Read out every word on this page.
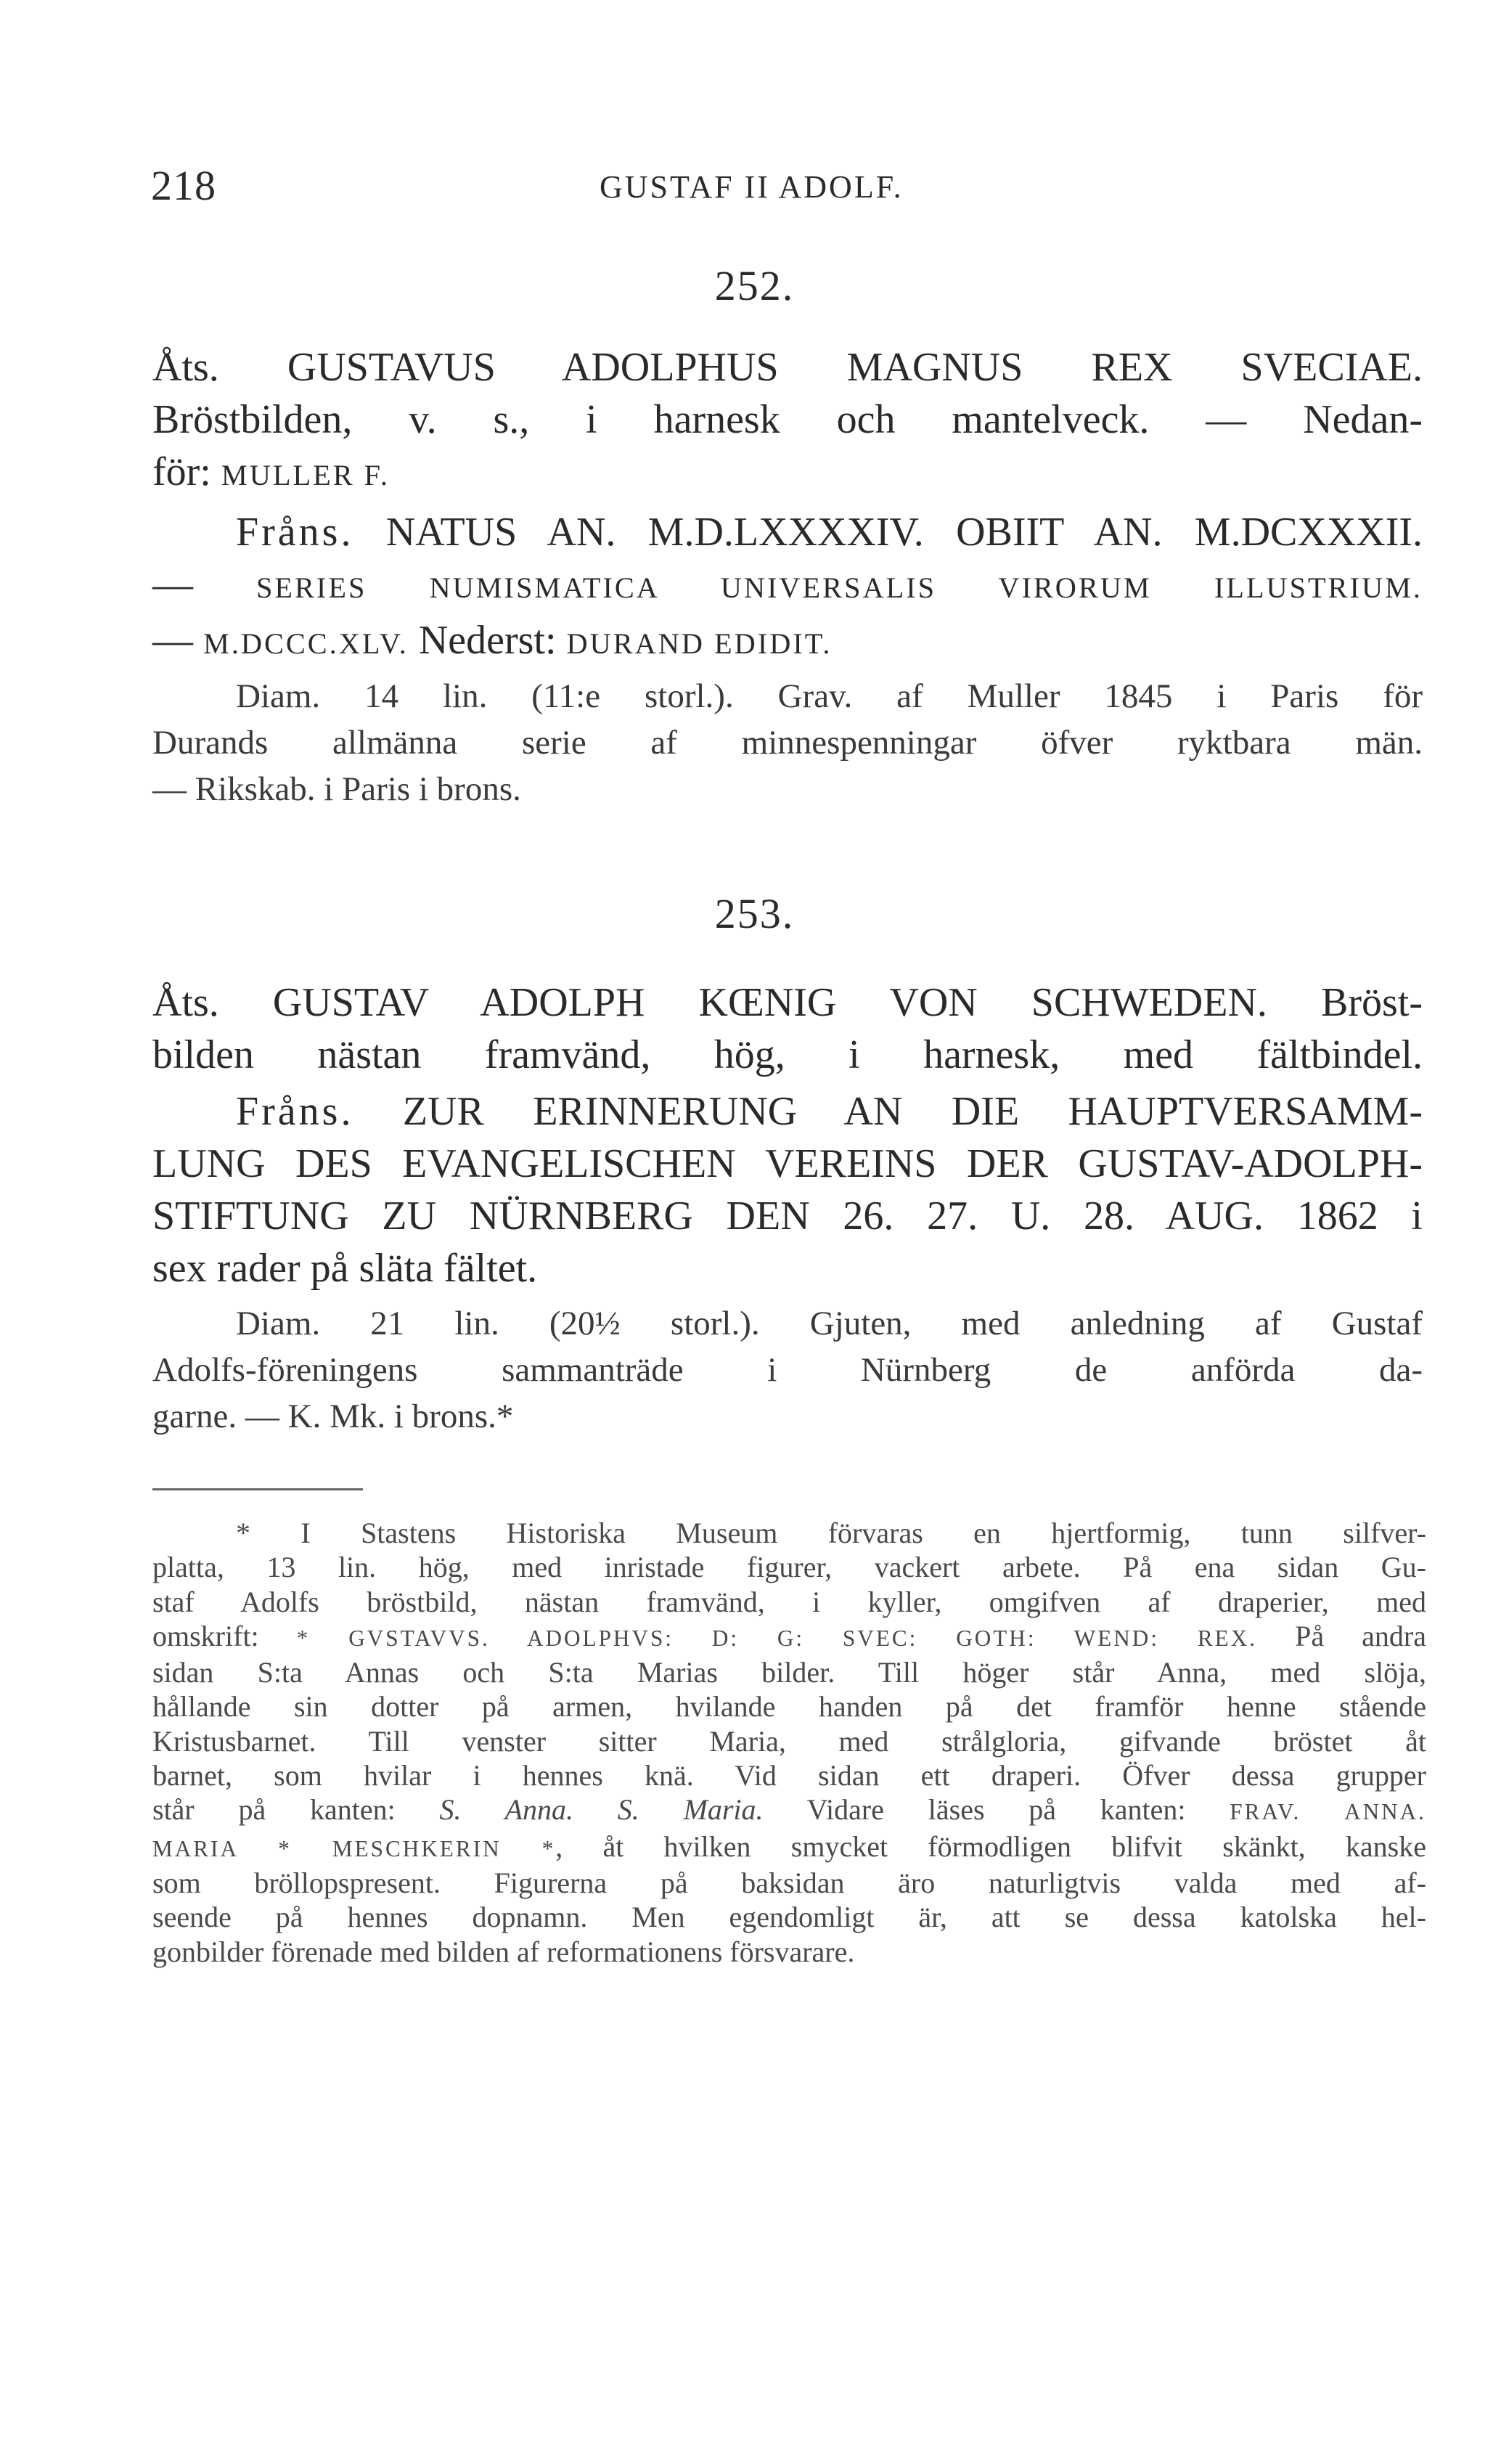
218	GUSTAF II ADOLF.
252.
Åts. GUSTAVUS ADOLPHUS MAGNUS REX SVECIAE.
Bröstbilden, v. s., i harnesk och mantelveck. — Nedan-
för: MULLER F.
Fråns. NATUS AN. M.D.LXXXXIV. OBIIT AN. M.DCXXXII.
— SERIES NUMISMATICA UNIVERSALIS VIRORUM ILLUSTRIUM.
— M.DCCC.XLV. Nederst: DURAND EDIDIT.
Diam. 14 lin. (11:e storl.). Grav. af Muller 1845 i Paris för
Durands allmänna serie af minnespenningar öfver ryktbara män.
— Rikskab. i Paris i brons.
253.
Åts. GUSTAV ADOLPH KŒNIG VON SCHWEDEN. Bröst-
bilden nästan framvänd, hög, i harnesk, med fältbindel.
Fråns. ZUR ERINNERUNG AN DIE HAUPTVERSAMM-
LUNG DES EVANGELISCHEN VEREINS DER GUSTAV-ADOLPH-
STIFTUNG ZU NÜRNBERG DEN 26. 27. U. 28. AUG. 1862 i
sex rader på släta fältet.
Diam. 21 lin. (20½ storl.). Gjuten, med anledning af Gustaf
Adolfs-föreningens sammanträde i Nürnberg de anförda da-
garne. — K. Mk. i brons.*
* I Stastens Historiska Museum förvaras en hjertformig, tunn silfver-
platta, 13 lin. hög, med inristade figurer, vackert arbete. På ena sidan Gu-
staf Adolfs bröstbild, nästan framvänd, i kyller, omgifven af draperier, med
omskrift: * GVSTAVVS. ADOLPHVS: D: G: SVEC: GOTH: WEND: REX. På andra
sidan S:ta Annas och S:ta Marias bilder. Till höger står Anna, med slöja,
hållande sin dotter på armen, hvilande handen på det framför henne stående
Kristusbarnet. Till venster sitter Maria, med strålgloria, gifvande bröstet åt
barnet, som hvilar i hennes knä. Vid sidan ett draperi. Öfver dessa grupper
står på kanten: S. Anna. S. Maria. Vidare läses på kanten: FRAV. ANNA.
MARIA * MESCHKERIN *, åt hvilken smycket förmodligen blifvit skänkt, kanske
som bröllopspresent. Figurerna på baksidan äro naturligtvis valda med af-
seende på hennes dopnamn. Men egendomligt är, att se dessa katolska hel-
gonbilder förenade med bilden af reformationens försvarare.
